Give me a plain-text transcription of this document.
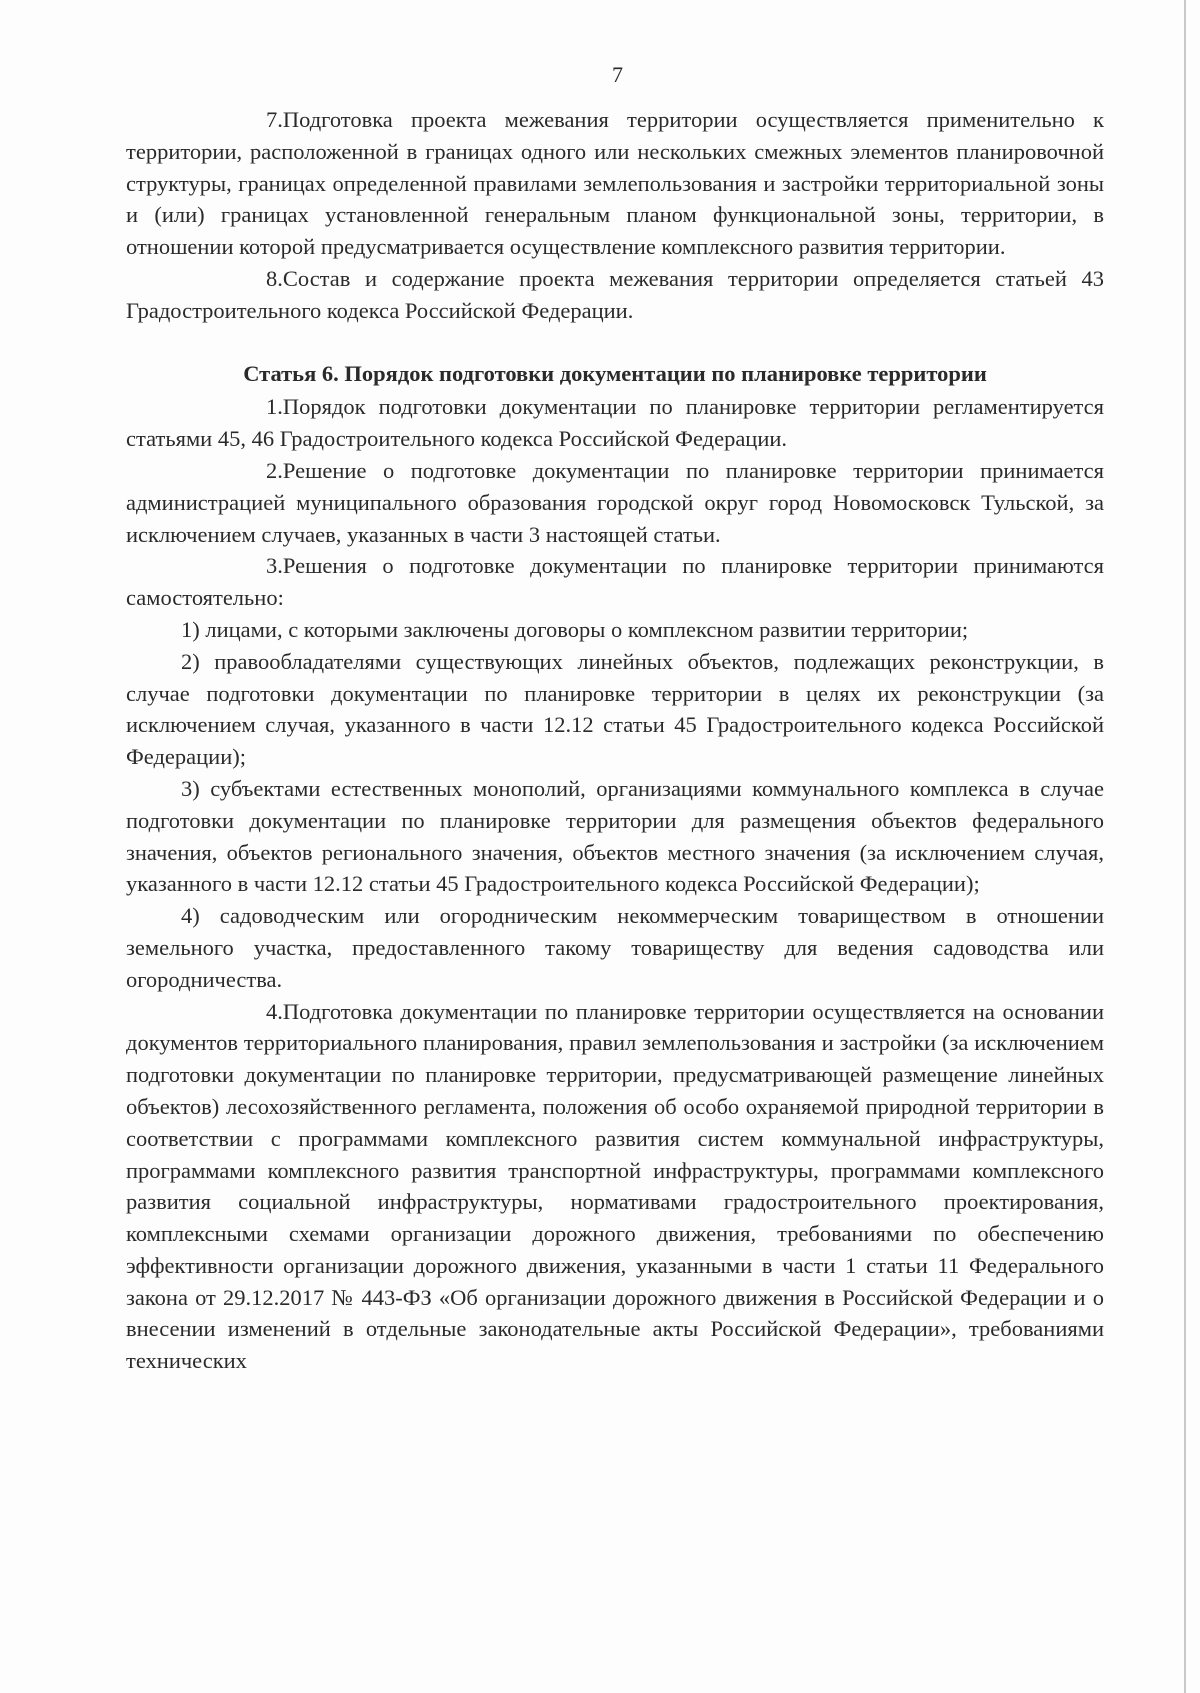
7

7.Подготовка проекта межевания территории осуществляется применительно к территории, расположенной в границах одного или нескольких смежных элементов планировочной структуры, границах определенной правилами землепользования и застройки территориальной зоны и (или) границах установленной генеральным планом функциональной зоны, территории, в отношении которой предусматривается осуществление комплексного развития территории.

8.Состав и содержание проекта межевания территории определяется статьей 43 Градостроительного кодекса Российской Федерации.

Статья 6. Порядок подготовки документации по планировке территории

1.Порядок подготовки документации по планировке территории регламентируется статьями 45, 46 Градостроительного кодекса Российской Федерации.

2.Решение о подготовке документации по планировке территории принимается администрацией муниципального образования городской округ город Новомосковск Тульской, за исключением случаев, указанных в части 3 настоящей статьи.

3.Решения о подготовке документации по планировке территории принимаются самостоятельно:

1) лицами, с которыми заключены договоры о комплексном развитии территории;

2) правообладателями существующих линейных объектов, подлежащих реконструкции, в случае подготовки документации по планировке территории в целях их реконструкции (за исключением случая, указанного в части 12.12 статьи 45 Градостроительного кодекса Российской Федерации);

3) субъектами естественных монополий, организациями коммунального комплекса в случае подготовки документации по планировке территории для размещения объектов федерального значения, объектов регионального значения, объектов местного значения (за исключением случая, указанного в части 12.12 статьи 45 Градостроительного кодекса Российской Федерации);

4) садоводческим или огородническим некоммерческим товариществом в отношении земельного участка, предоставленного такому товариществу для ведения садоводства или огородничества.

4.Подготовка документации по планировке территории осуществляется на основании документов территориального планирования, правил землепользования и застройки (за исключением подготовки документации по планировке территории, предусматривающей размещение линейных объектов) лесохозяйственного регламента, положения об особо охраняемой природной территории в соответствии с программами комплексного развития систем коммунальной инфраструктуры, программами комплексного развития транспортной инфраструктуры, программами комплексного развития социальной инфраструктуры, нормативами градостроительного проектирования, комплексными схемами организации дорожного движения, требованиями по обеспечению эффективности организации дорожного движения, указанными в части 1 статьи 11 Федерального закона от 29.12.2017 № 443-ФЗ «Об организации дорожного движения в Российской Федерации и о внесении изменений в отдельные законодательные акты Российской Федерации», требованиями технических
